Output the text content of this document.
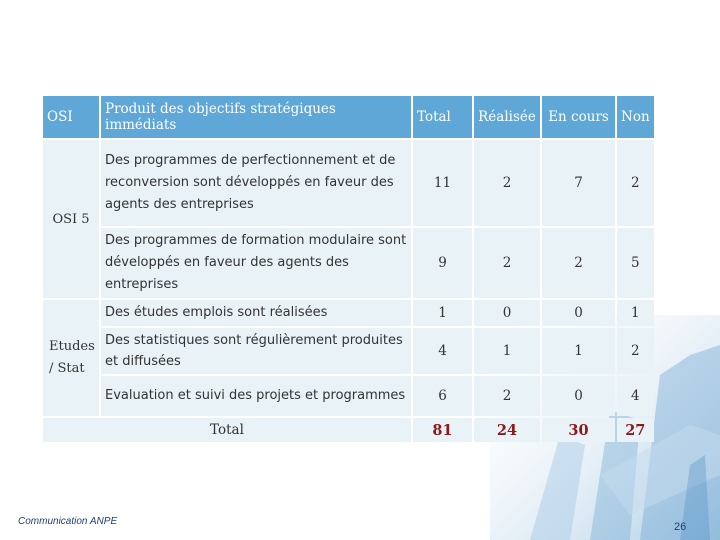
OSI	Produit des objectifs stratégiques immédiats	Total	Réalisée	En cours	Non
OSI 5	Des programmes de perfectionnement et de reconversion sont développés en faveur des agents des entreprises	11	2	7	2
	Des programmes de formation modulaire sont développés en faveur des agents des entreprises	9	2	2	5
Etudes / Stat	Des études emplois sont réalisées	1	0	0	1
	Des statistiques sont régulièrement produites et diffusées	4	1	1	2
	Evaluation et suivi des projets et programmes	6	2	0	4
Total		81	24	30	27
Communication ANPE	26
